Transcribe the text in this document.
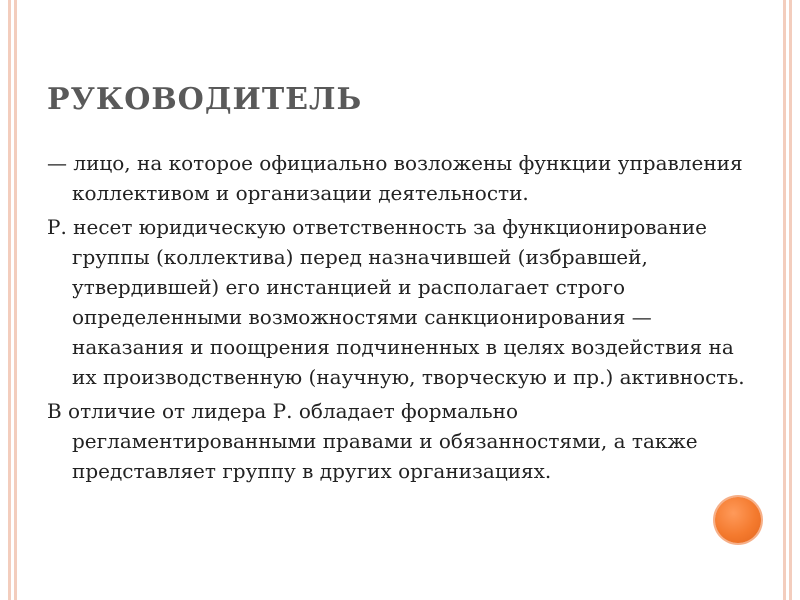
РУКОВОДИТЕЛЬ

— лицо, на которое официально возложены функции управления коллективом и организации деятельности.

Р. несет юридическую ответственность за функционирование группы (коллектива) перед назначившей (избравшей, утвердившей) его инстанцией и располагает строго определенными возможностями санкционирования — наказания и поощрения подчиненных в целях воздействия на их производственную (научную, творческую и пр.) активность.

В отличие от лидера Р. обладает формально регламентированными правами и обязанностями, а также представляет группу в других организациях.
